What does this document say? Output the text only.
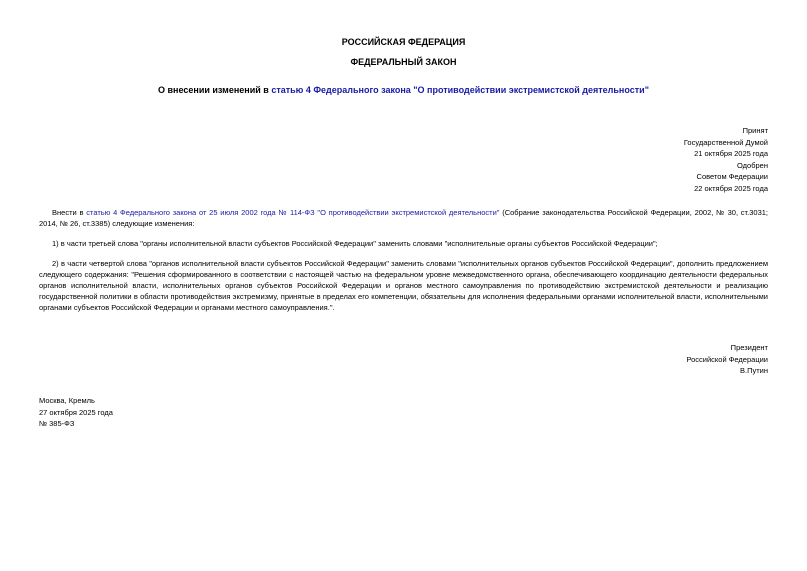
РОССИЙСКАЯ ФЕДЕРАЦИЯ
ФЕДЕРАЛЬНЫЙ ЗАКОН
О внесении изменений в статью 4 Федерального закона "О противодействии экстремистской деятельности"
Принят
Государственной Думой
21 октября 2025 года
Одобрен
Советом Федерации
22 октября 2025 года
Внести в статью 4 Федерального закона от 25 июля 2002 года № 114-ФЗ "О противодействии экстремистской деятельности" (Собрание законодательства Российской Федерации, 2002, № 30, ст.3031; 2014, № 26, ст.3385) следующие изменения:
1) в части третьей слова "органы исполнительной власти субъектов Российской Федерации" заменить словами "исполнительные органы субъектов Российской Федерации";
2) в части четвертой слова "органов исполнительной власти субъектов Российской Федерации" заменить словами "исполнительных органов субъектов Российской Федерации", дополнить предложением следующего содержания: "Решения сформированного в соответствии с настоящей частью на федеральном уровне межведомственного органа, обеспечивающего координацию деятельности федеральных органов исполнительной власти, исполнительных органов субъектов Российской Федерации и органов местного самоуправления по противодействию экстремистской деятельности и реализацию государственной политики в области противодействия экстремизму, принятые в пределах его компетенции, обязательны для исполнения федеральными органами исполнительной власти, исполнительными органами субъектов Российской Федерации и органами местного самоуправления.".
Президент
Российской Федерации
В.Путин
Москва, Кремль
27 октября 2025 года
№ 385-ФЗ
